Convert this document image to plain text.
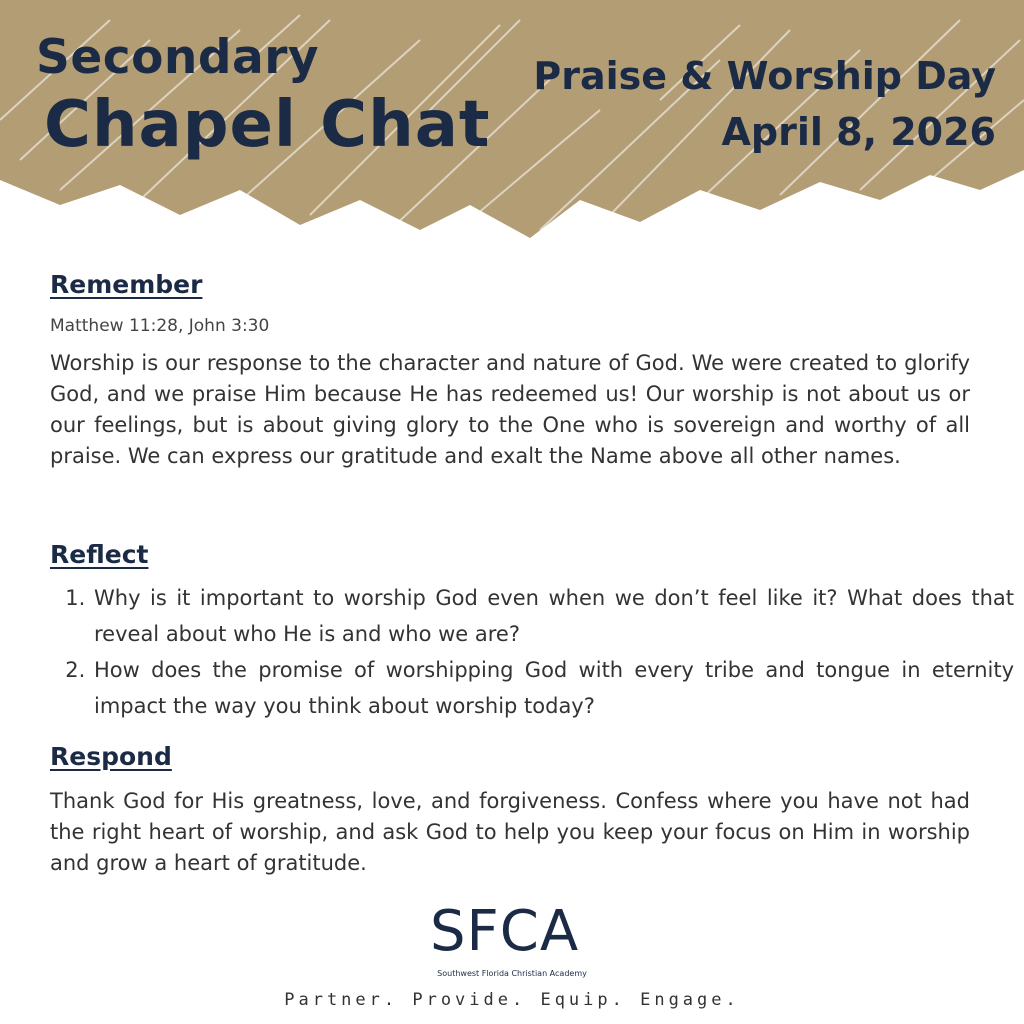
Secondary
Chapel Chat
Praise & Worship Day
April 8, 2026
Remember
Matthew 11:28, John 3:30
Worship is our response to the character and nature of God. We were created to glorify God, and we praise Him because He has redeemed us! Our worship is not about us or our feelings, but is about giving glory to the One who is sovereign and worthy of all praise. We can express our gratitude and exalt the Name above all other names.
Reflect
1. Why is it important to worship God even when we don’t feel like it? What does that reveal about who He is and who we are?
2. How does the promise of worshipping God with every tribe and tongue in eternity impact the way you think about worship today?
Respond
Thank God for His greatness, love, and forgiveness. Confess where you have not had the right heart of worship, and ask God to help you keep your focus on Him in worship and grow a heart of gratitude.
SFCA
Southwest Florida Christian Academy
Partner. Provide. Equip. Engage.
